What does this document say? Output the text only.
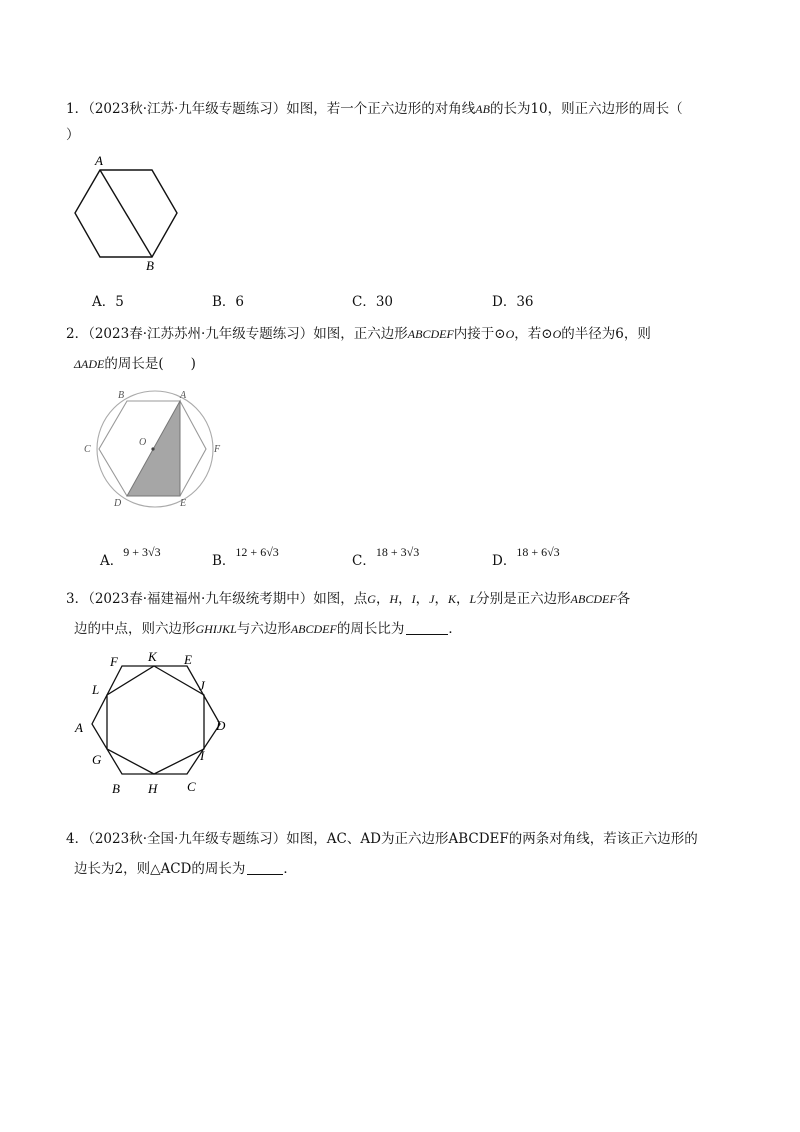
1．（2023秋·江苏·九年级专题练习）如图，若一个正六边形的对角线AB的长为10，则正六边形的周长（
）
A
B
A．5	B．6	C．30	D．36
2．（2023春·江苏苏州·九年级专题练习）如图，正六边形ABCDEF内接于⊙O，若⊙O的半径为6，则
ΔADE的周长是(　　)
B	A
C
O
F
D	E
A．9 + 3√3
B．12 + 6√3
C．18 + 3√3
D．18 + 6√3
3．（2023春·福建福州·九年级统考期中）如图，点G，H，I，J，K，L分别是正六边形ABCDEF各
边的中点，则六边形GHIJKL与六边形ABCDEF的周长比为	．
F K E
L	J
A	D
G	I
B H C
4．（2023秋·全国·九年级专题练习）如图，AC、AD为正六边形ABCDEF的两条对角线，若该正六边形的
边长为2，则△ACD的周长为	．
